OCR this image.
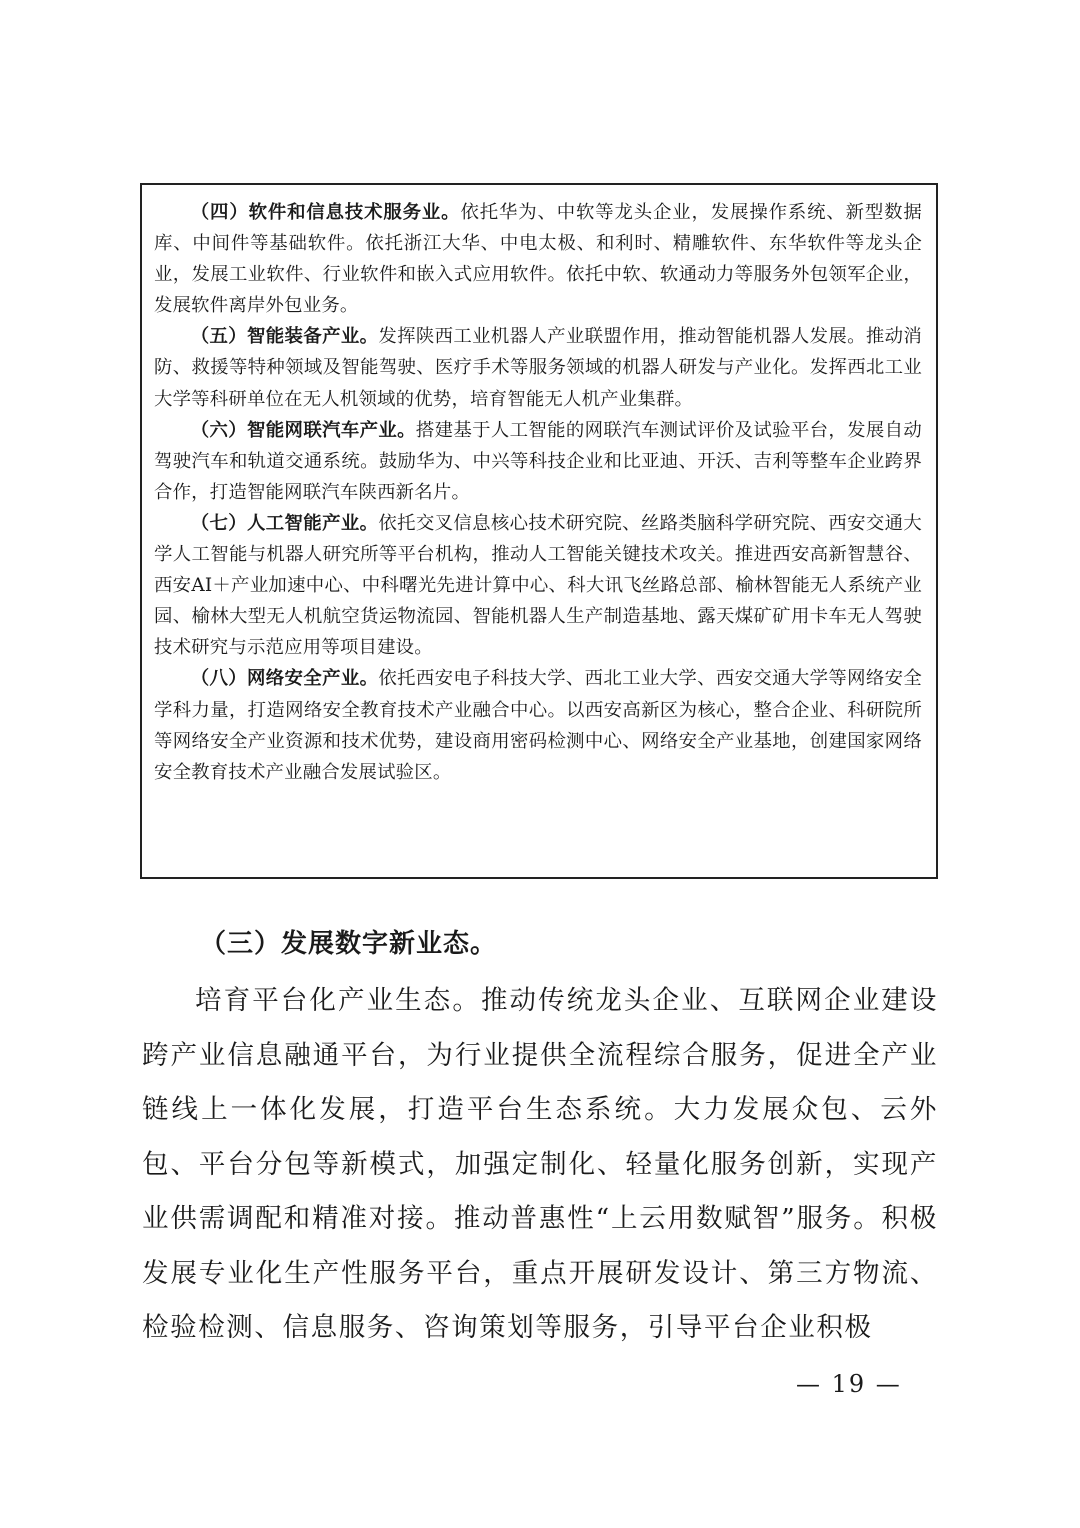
（四）软件和信息技术服务业。依托华为、中软等龙头企业，发展操作系统、新型数据库、中间件等基础软件。依托浙江大华、中电太极、和利时、精雕软件、东华软件等龙头企业，发展工业软件、行业软件和嵌入式应用软件。依托中软、软通动力等服务外包领军企业，发展软件离岸外包业务。

（五）智能装备产业。发挥陕西工业机器人产业联盟作用，推动智能机器人发展。推动消防、救援等特种领域及智能驾驶、医疗手术等服务领域的机器人研发与产业化。发挥西北工业大学等科研单位在无人机领域的优势，培育智能无人机产业集群。

（六）智能网联汽车产业。搭建基于人工智能的网联汽车测试评价及试验平台，发展自动驾驶汽车和轨道交通系统。鼓励华为、中兴等科技企业和比亚迪、开沃、吉利等整车企业跨界合作，打造智能网联汽车陕西新名片。

（七）人工智能产业。依托交叉信息核心技术研究院、丝路类脑科学研究院、西安交通大学人工智能与机器人研究所等平台机构，推动人工智能关键技术攻关。推进西安高新智慧谷、西安AI＋产业加速中心、中科曙光先进计算中心、科大讯飞丝路总部、榆林智能无人系统产业园、榆林大型无人机航空货运物流园、智能机器人生产制造基地、露天煤矿矿用卡车无人驾驶技术研究与示范应用等项目建设。

（八）网络安全产业。依托西安电子科技大学、西北工业大学、西安交通大学等网络安全学科力量，打造网络安全教育技术产业融合中心。以西安高新区为核心，整合企业、科研院所等网络安全产业资源和技术优势，建设商用密码检测中心、网络安全产业基地，创建国家网络安全教育技术产业融合发展试验区。

（三）发展数字新业态。

培育平台化产业生态。推动传统龙头企业、互联网企业建设跨产业信息融通平台，为行业提供全流程综合服务，促进全产业链线上一体化发展，打造平台生态系统。大力发展众包、云外包、平台分包等新模式，加强定制化、轻量化服务创新，实现产业供需调配和精准对接。推动普惠性“上云用数赋智”服务。积极发展专业化生产性服务平台，重点开展研发设计、第三方物流、检验检测、信息服务、咨询策划等服务，引导平台企业积极

— 19 —
